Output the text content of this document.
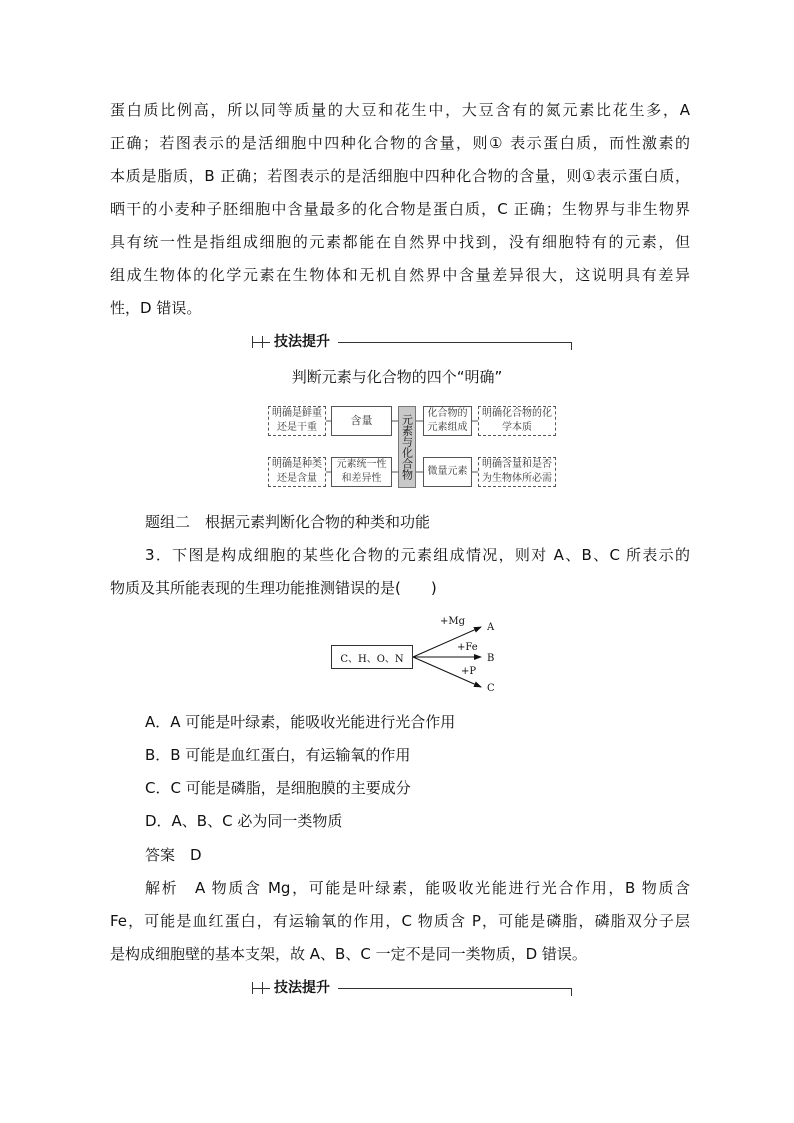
蛋白质比例高，所以同等质量的大豆和花生中，大豆含有的氮元素比花生多，A
正确；若图表示的是活细胞中四种化合物的含量，则① 表示蛋白质，而性激素的
本质是脂质，B 正确；若图表示的是活细胞中四种化合物的含量，则①表示蛋白质，
晒干的小麦种子胚细胞中含量最多的化合物是蛋白质，C 正确；生物界与非生物界
具有统一性是指组成细胞的元素都能在自然界中找到，没有细胞特有的元素，但
组成生物体的化学元素在生物体和无机自然界中含量差异很大，这说明具有差异
性，D 错误。
技法提升
判断元素与化合物的四个“明确”
明确是鲜重还是干重
含量	元素与化合物
化合物的元素组成
明确化合物的化学本质
明确是种类还是含量
元素统一性和差异性
微量元素
明确含量和是否为生物体所必需
题组二　根据元素判断化合物的种类和功能
3．下图是构成细胞的某些化合物的元素组成情况，则对 A、B、C 所表示的
物质及其所能表现的生理功能推测错误的是(　　)
+Mg
+Fe
+P
A
B
C
C、H、O、N
A．A 可能是叶绿素，能吸收光能进行光合作用
B．B 可能是血红蛋白，有运输氧的作用
C．C 可能是磷脂，是细胞膜的主要成分
D．A、B、C 必为同一类物质
答案　D
解析　A 物质含 Mg，可能是叶绿素，能吸收光能进行光合作用，B 物质含
Fe，可能是血红蛋白，有运输氧的作用，C 物质含 P，可能是磷脂，磷脂双分子层
是构成细胞壁的基本支架，故 A、B、C 一定不是同一类物质，D 错误。
技法提升
